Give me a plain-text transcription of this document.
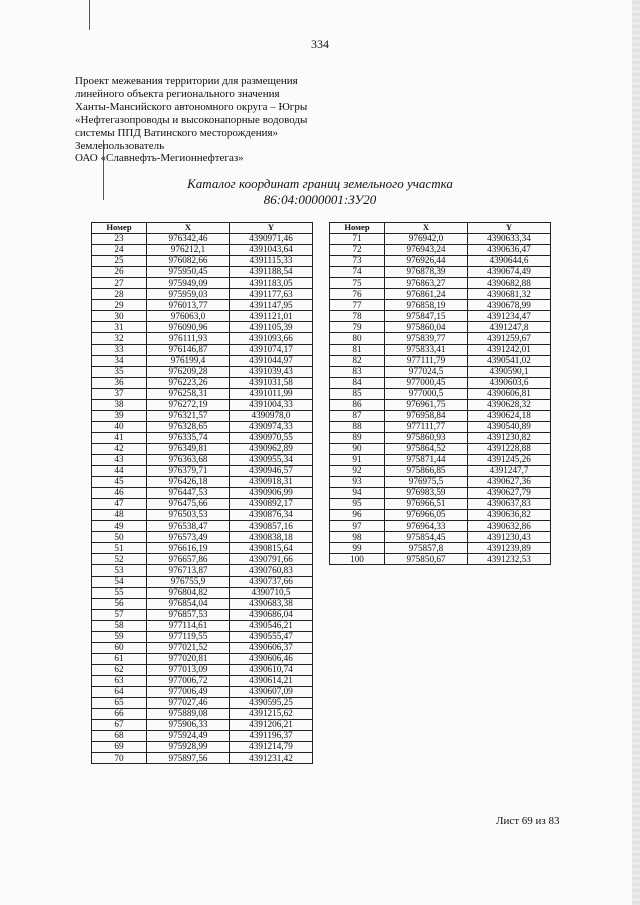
334
Проект межевания территории для размещения
линейного объекта регионального значения
Ханты-Мансийского автономного округа – Югры
«Нефтегазопроводы и высоконапорные водоводы
системы ППД Ватинского месторождения»
Землепользователь
ОАО «Славнефть-Мегионнефтегаз»
Каталог координат границ земельного участка
86:04:0000001:ЗУ20
Номер	X	Y
23	976342,46	4390971,46
24	976212,1	4391043,64
25	976082,66	4391115,33
26	975950,45	4391188,54
27	975949,09	4391183,05
28	975959,03	4391177,63
29	976013,77	4391147,95
30	976063,0	4391121,01
31	976090,96	4391105,39
32	976111,93	4391093,66
33	976146,87	4391074,17
34	976199,4	4391044,97
35	976209,28	4391039,43
36	976223,26	4391031,58
37	976258,31	4391011,99
38	976272,19	4391004,33
39	976321,57	4390978,0
40	976328,65	4390974,33
41	976335,74	4390970,55
42	976349,81	4390962,89
43	976363,68	4390955,34
44	976379,71	4390946,57
45	976426,18	4390918,31
46	976447,53	4390906,99
47	976475,66	4390892,17
48	976503,53	4390876,34
49	976538,47	4390857,16
50	976573,49	4390838,18
51	976616,19	4390815,64
52	976657,86	4390791,66
53	976713,87	4390760,83
54	976755,9	4390737,66
55	976804,82	4390710,5
56	976854,04	4390683,38
57	976857,53	4390686,04
58	977114,61	4390546,21
59	977119,55	4390555,47
60	977021,52	4390606,37
61	977020,81	4390606,46
62	977013,09	4390610,74
63	977006,72	4390614,21
64	977006,49	4390607,09
65	977027,46	4390595,25
66	975889,08	4391215,62
67	975906,33	4391206,21
68	975924,49	4391196,37
69	975928,99	4391214,79
70	975897,56	4391231,42
Номер	X	Y
71	976942,0	4390633,34
72	976943,24	4390636,47
73	976926,44	4390644,6
74	976878,39	4390674,49
75	976863,27	4390682,88
76	976861,24	4390681,32
77	976858,19	4390678,99
78	975847,15	4391234,47
79	975860,04	4391247,8
80	975839,77	4391259,67
81	975833,41	4391242,01
82	977111,79	4390541,02
83	977024,5	4390590,1
84	977000,45	4390603,6
85	977000,5	4390606,81
86	976961,75	4390628,32
87	976958,84	4390624,18
88	977111,77	4390540,89
89	975860,93	4391230,82
90	975864,52	4391228,88
91	975871,44	4391245,26
92	975866,85	4391247,7
93	976975,5	4390627,36
94	976983,59	4390627,79
95	976966,51	4390637,83
96	976966,05	4390636,82
97	976964,33	4390632,86
98	975854,45	4391230,43
99	975857,8	4391239,89
100	975850,67	4391232,53
Лист 69 из 83
